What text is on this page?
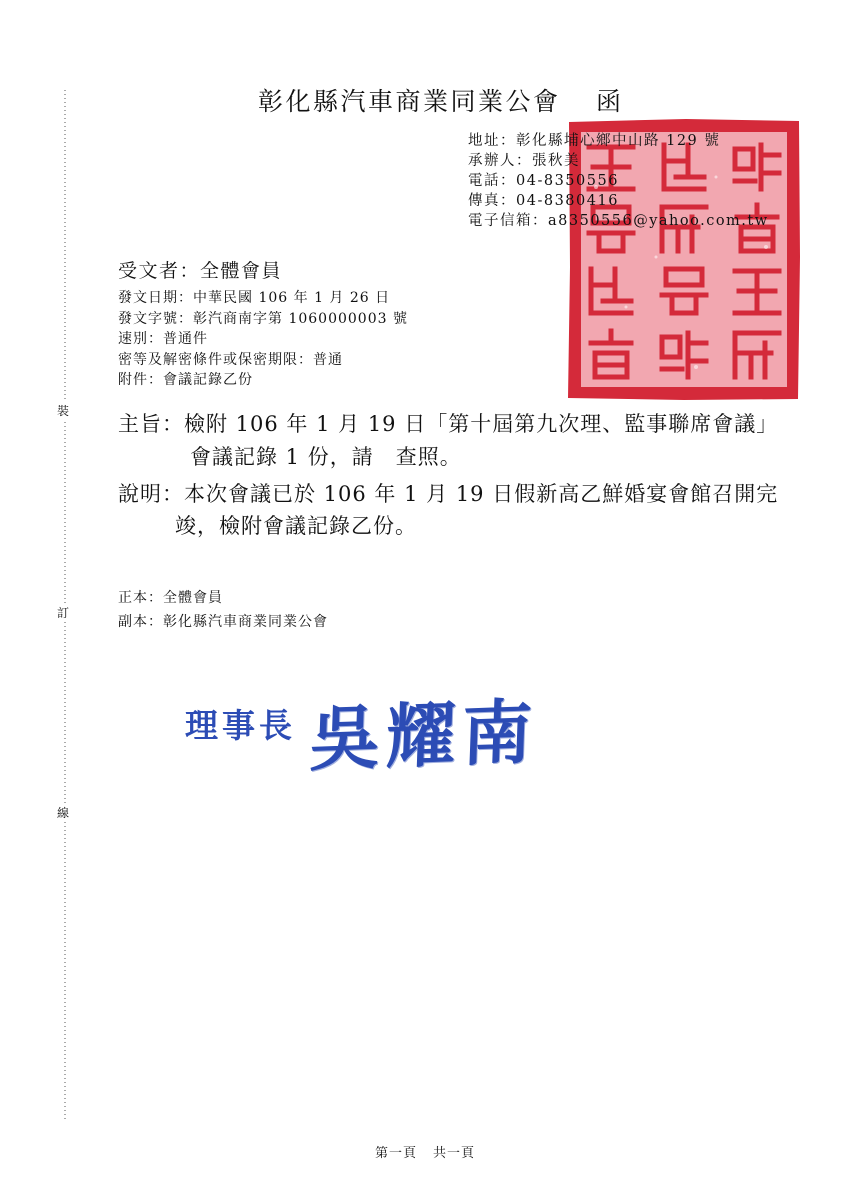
裝
訂
線
彰化縣汽車商業同業公會 函
地址：彰化縣埔心鄉中山路 129 號
承辦人：張秋美
電話：04-8350556
傳真：04-8380416
電子信箱：a8350556@yahoo.com.tw
受文者：全體會員
發文日期：中華民國 106 年 1 月 26 日
發文字號：彰汽商南字第 1060000003 號
速別：普通件
密等及解密條件或保密期限：普通
附件：會議記錄乙份
主旨：檢附 106 年 1 月 19 日「第十屆第九次理、監事聯席會議」
會議記錄 1 份，請　查照。
說明：本次會議已於 106 年 1 月 19 日假新高乙鮮婚宴會館召開完
竣，檢附會議記錄乙份。
正本：全體會員
副本：彰化縣汽車商業同業公會
理事長 吳耀南
第一頁 共一頁
